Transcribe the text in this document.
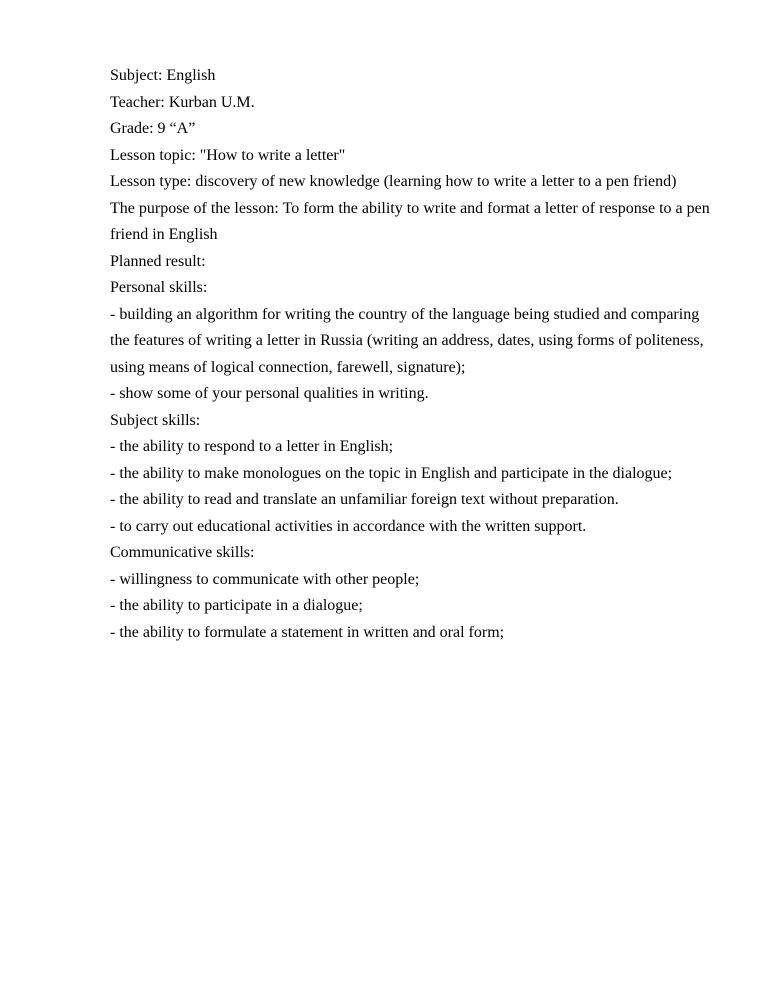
Subject: English

Teacher: Kurban U.M.

Grade: 9 “A”

Lesson topic: "How to write a letter"

Lesson type: discovery of new knowledge (learning how to write a letter to a pen friend)

The purpose of the lesson: To form the ability to write and format a letter of response to a pen friend in English

Planned result:

Personal skills:

- building an algorithm for writing the country of the language being studied and comparing the features of writing a letter in Russia (writing an address, dates, using forms of politeness, using means of logical connection, farewell, signature);

- show some of your personal qualities in writing.

Subject skills:

- the ability to respond to a letter in English;

- the ability to make monologues on the topic in English and participate in the dialogue;

- the ability to read and translate an unfamiliar foreign text without preparation.

- to carry out educational activities in accordance with the written support.

Communicative skills:

- willingness to communicate with other people;

- the ability to participate in a dialogue;

- the ability to formulate a statement in written and oral form;
